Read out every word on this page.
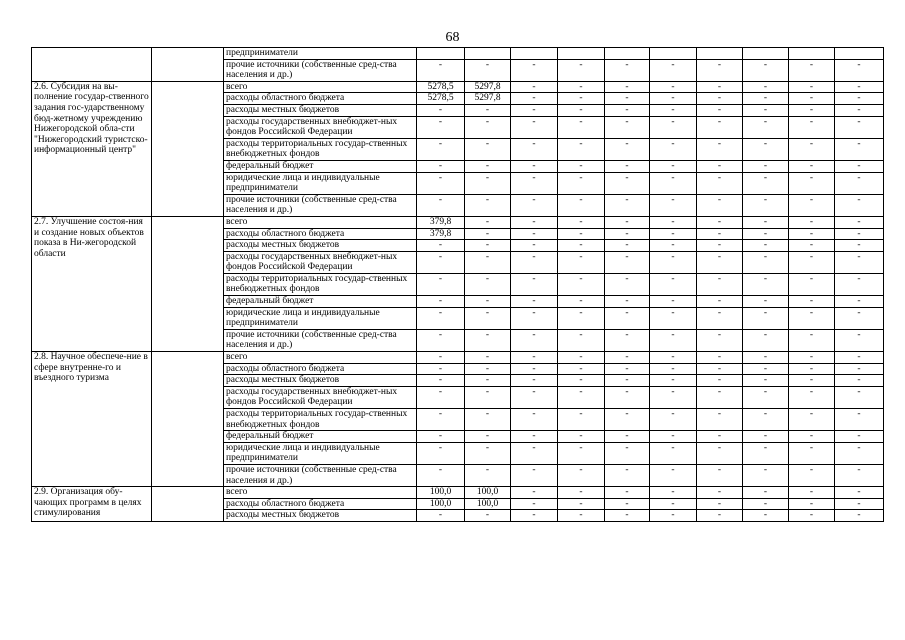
68
		предприниматели										
		прочие источники (собственные сред-ства населения и др.)	-	-	-	-	-	-	-	-	-	-
2.6. Субсидия на вы-полнение государ-ственного задания гос-ударственному бюд-жетному учреждению Нижегородской обла-сти "Нижегородский туристско-информационный центр"		всего	5278,5	5297,8	-	-	-	-	-	-	-	-
		расходы областного бюджета	5278,5	5297,8	-	-	-	-	-	-	-	-
		расходы местных бюджетов	-	-	-	-	-	-	-	-	-	-
		расходы государственных внебюджет-ных фондов Российской Федерации	-	-	-	-	-	-	-	-	-	-
		расходы территориальных государ-ственных внебюджетных фондов	-	-	-	-	-	-	-	-	-	-
		федеральный бюджет	-	-	-	-	-	-	-	-	-	-
		юридические лица и индивидуальные предприниматели	-	-	-	-	-	-	-	-	-	-
		прочие источники (собственные сред-ства населения и др.)	-	-	-	-	-	-	-	-	-	-
2.7. Улучшение состоя-ния и создание новых объектов показа в Ни-жегородской области		всего	379,8	-	-	-	-	-	-	-	-	-
		расходы областного бюджета	379,8	-	-	-	-	-	-	-	-	-
		расходы местных бюджетов	-	-	-	-	-	-	-	-	-	-
		расходы государственных внебюджет-ных фондов Российской Федерации	-	-	-	-	-	-	-	-	-	-
		расходы территориальных государ-ственных внебюджетных фондов	-	-	-	-	-	-	-	-	-	-
		федеральный бюджет	-	-	-	-	-	-	-	-	-	-
		юридические лица и индивидуальные предприниматели	-	-	-	-	-	-	-	-	-	-
		прочие источники (собственные сред-ства населения и др.)	-	-	-	-	-	-	-	-	-	-
2.8. Научное обеспече-ние в сфере внутренне-го и въездного туризма		всего	-	-	-	-	-	-	-	-	-	-
		расходы областного бюджета	-	-	-	-	-	-	-	-	-	-
		расходы местных бюджетов	-	-	-	-	-	-	-	-	-	-
		расходы государственных внебюджет-ных фондов Российской Федерации	-	-	-	-	-	-	-	-	-	-
		расходы территориальных государ-ственных внебюджетных фондов	-	-	-	-	-	-	-	-	-	-
		федеральный бюджет	-	-	-	-	-	-	-	-	-	-
		юридические лица и индивидуальные предприниматели	-	-	-	-	-	-	-	-	-	-
		прочие источники (собственные сред-ства населения и др.)	-	-	-	-	-	-	-	-	-	-
2.9. Организация обу-чающих программ в целях стимулирования		всего	100,0	100,0	-	-	-	-	-	-	-	-
		расходы областного бюджета	100,0	100,0	-	-	-	-	-	-	-	-
		расходы местных бюджетов	-	-	-	-	-	-	-	-	-	-
